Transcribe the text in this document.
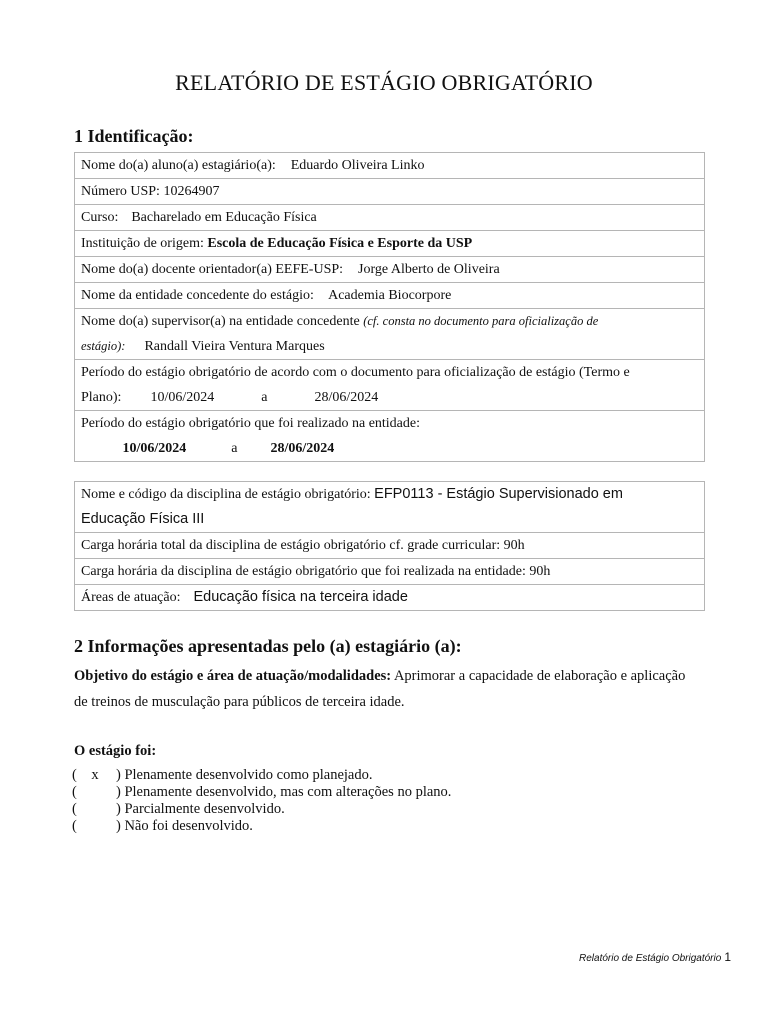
RELATÓRIO DE ESTÁGIO OBRIGATÓRIO
1 Identificação:
Nome do(a) aluno(a) estagiário(a): Eduardo Oliveira Linko
Número USP: 10264907
Curso: Bacharelado em Educação Física
Instituição de origem: Escola de Educação Física e Esporte da USP
Nome do(a) docente orientador(a) EEFE-USP: Jorge Alberto de Oliveira
Nome da entidade concedente do estágio: Academia Biocorpore
Nome do(a) supervisor(a) na entidade concedente (cf. consta no documento para oficialização de
estágio): Randall Vieira Ventura Marques
Período do estágio obrigatório de acordo com o documento para oficialização de estágio (Termo e
Plano): 10/06/2024	a	28/06/2024
Período do estágio obrigatório que foi realizado na entidade:
10/06/2024	a 28/06/2024
Nome e código da disciplina de estágio obrigatório: EFP0113 - Estágio Supervisionado em
Educação Física III
Carga horária total da disciplina de estágio obrigatório cf. grade curricular: 90h
Carga horária da disciplina de estágio obrigatório que foi realizada na entidade: 90h
Áreas de atuação: Educação física na terceira idade
2 Informações apresentadas pelo (a) estagiário (a):
Objetivo do estágio e área de atuação/modalidades: Aprimorar a capacidade de elaboração e aplicação
de treinos de musculação para públicos de terceira idade.
O estágio foi:
(    x ) Plenamente desenvolvido como planejado.
(	) Plenamente desenvolvido, mas com alterações no plano.
(	) Parcialmente desenvolvido.
(	) Não foi desenvolvido.
Relatório de Estágio Obrigatório 1
